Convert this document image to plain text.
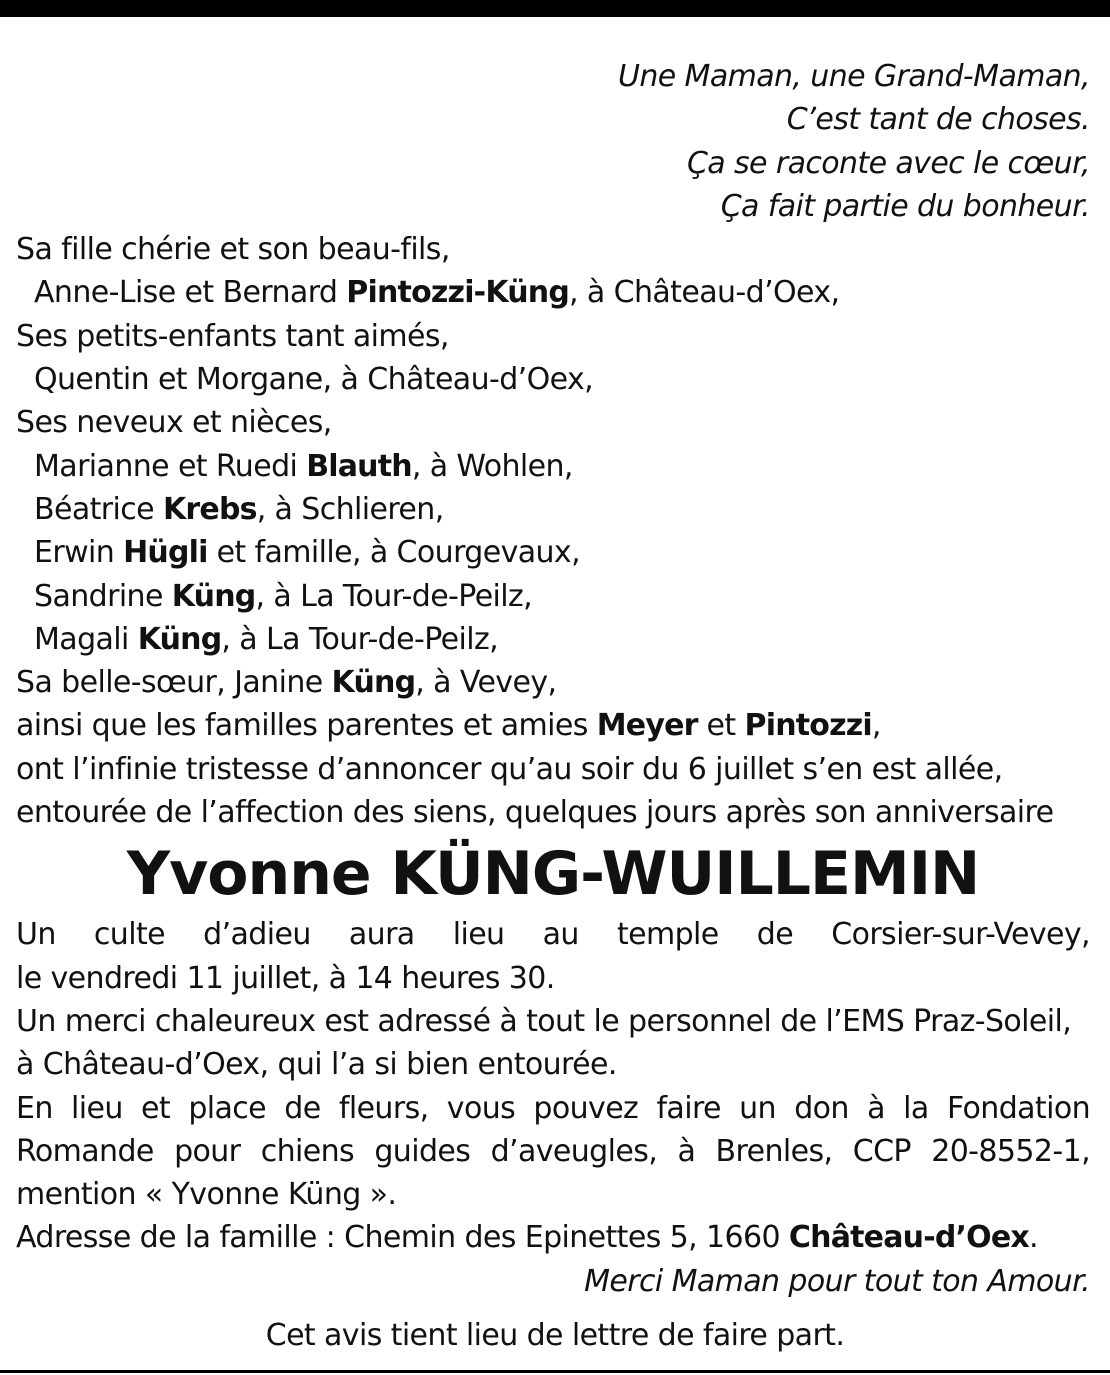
Une Maman, une Grand-Maman,

C’est tant de choses.

Ça se raconte avec le cœur,

Ça fait partie du bonheur.

Sa fille chérie et son beau-fils,

Anne-Lise et Bernard Pintozzi-Küng, à Château-d’Oex,

Ses petits-enfants tant aimés,

Quentin et Morgane, à Château-d’Oex,

Ses neveux et nièces,

Marianne et Ruedi Blauth, à Wohlen,

Béatrice Krebs, à Schlieren,

Erwin Hügli et famille, à Courgevaux,

Sandrine Küng, à La Tour-de-Peilz,

Magali Küng, à La Tour-de-Peilz,

Sa belle-sœur, Janine Küng, à Vevey,

ainsi que les familles parentes et amies Meyer et Pintozzi,

ont l’infinie tristesse d’annoncer qu’au soir du 6 juillet s’en est allée,

entourée de l’affection des siens, quelques jours après son anniversaire

Yvonne KÜNG-WUILLEMIN

Un culte d’adieu aura lieu au temple de Corsier-sur-Vevey,

le vendredi 11 juillet, à 14 heures 30.

Un merci chaleureux est adressé à tout le personnel de l’EMS Praz-Soleil,

à Château-d’Oex, qui l’a si bien entourée.

En lieu et place de fleurs, vous pouvez faire un don à la Fondation

Romande pour chiens guides d’aveugles, à Brenles, CCP 20-8552-1,

mention « Yvonne Küng ».

Adresse de la famille : Chemin des Epinettes 5, 1660 Château-d’Oex.

Merci Maman pour tout ton Amour.

Cet avis tient lieu de lettre de faire part.
